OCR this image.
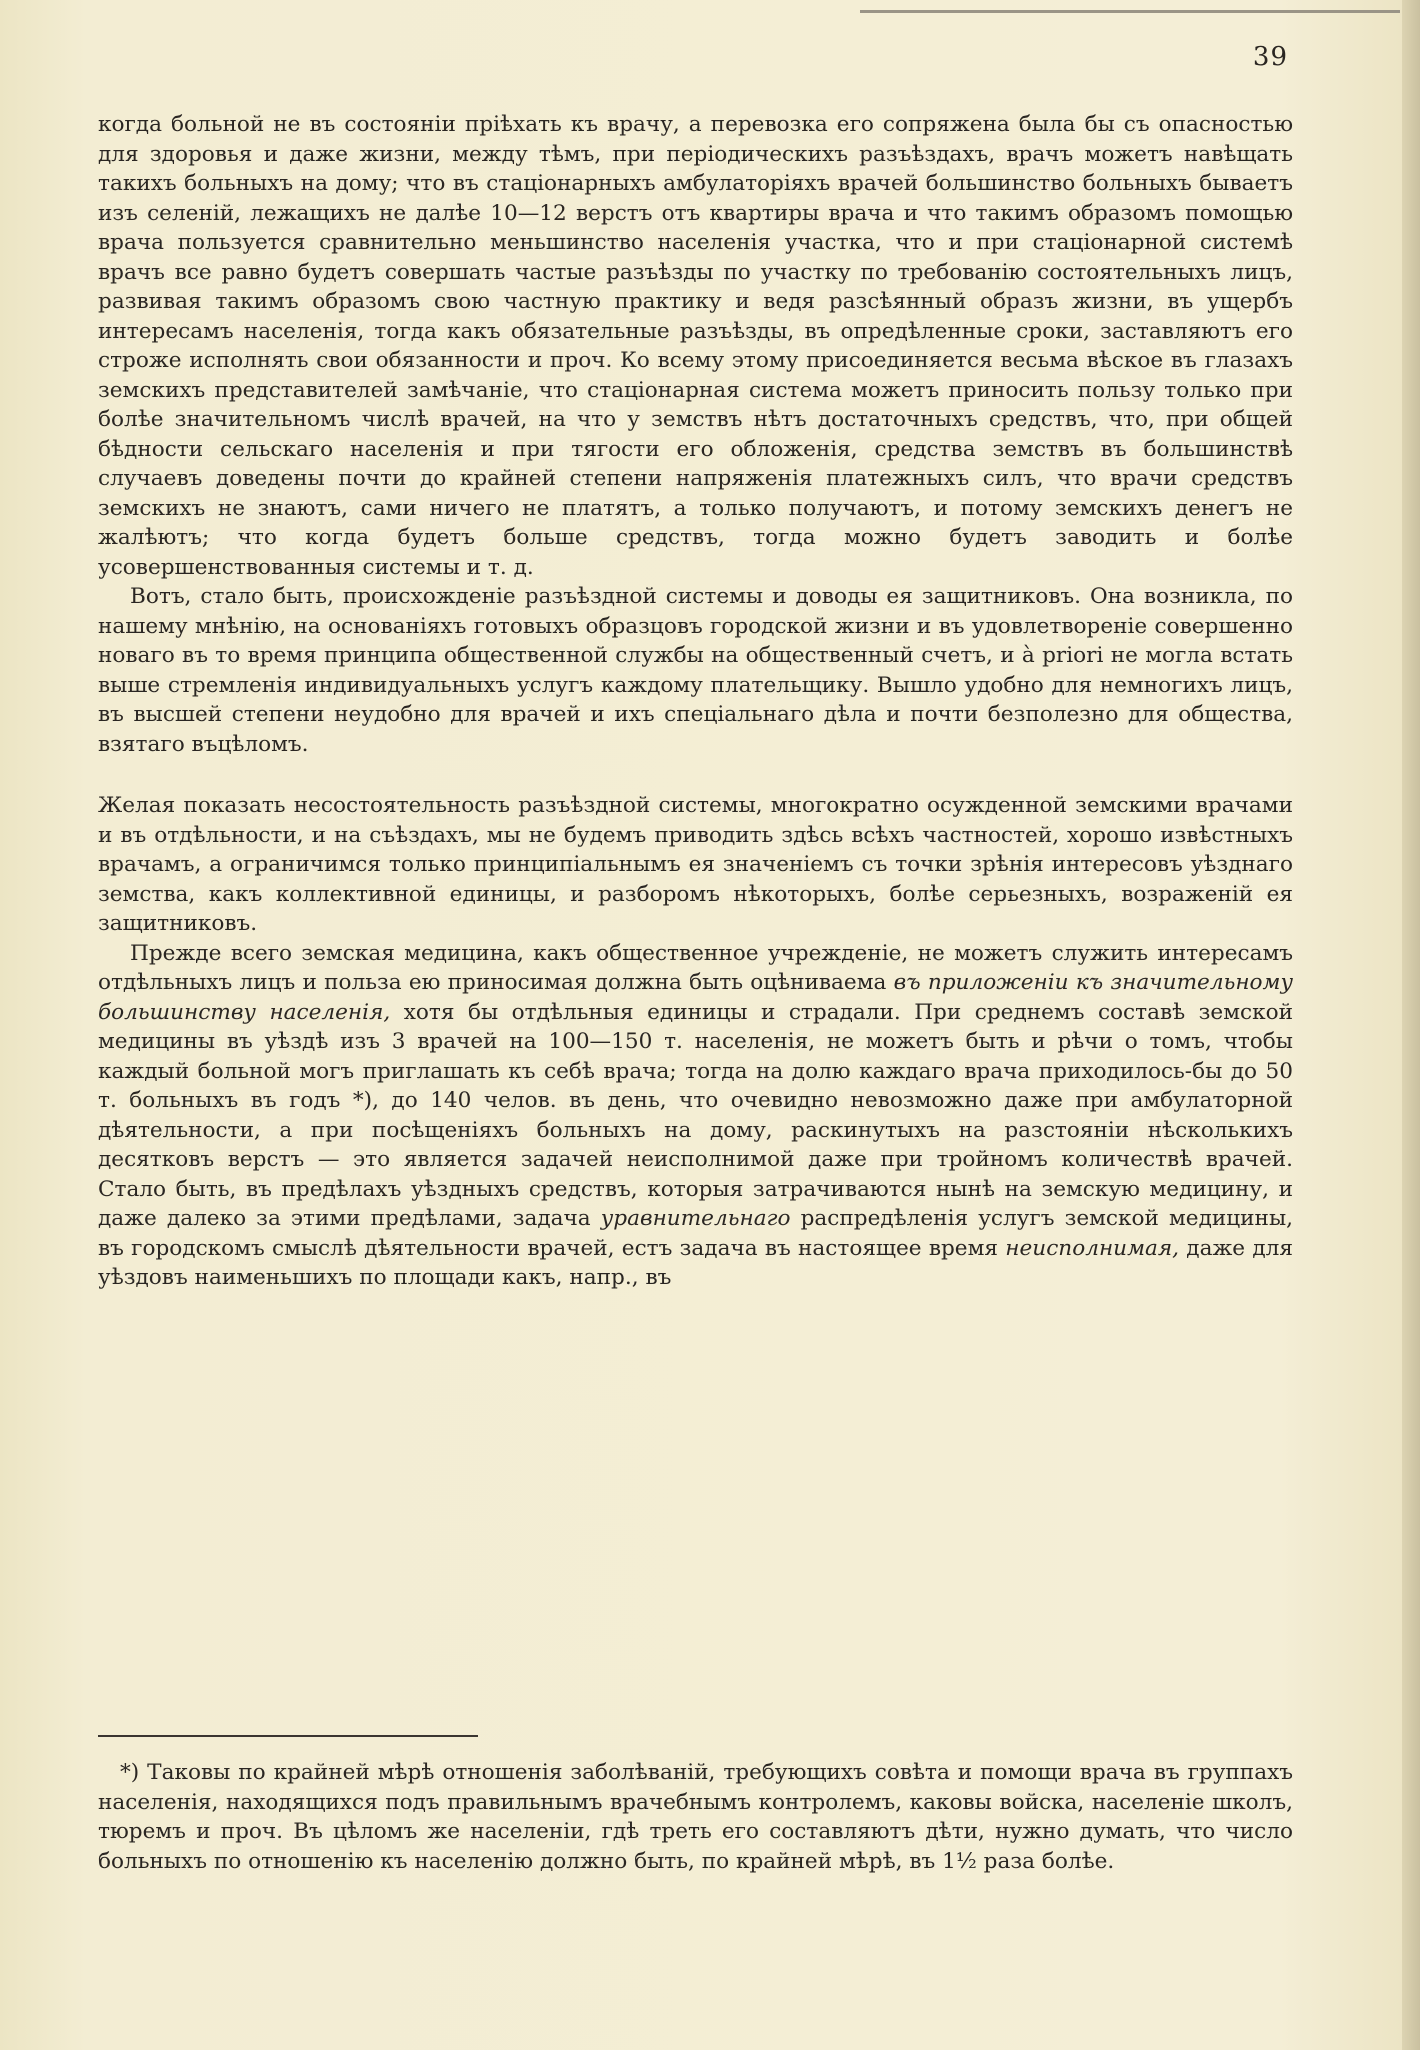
39

когда больной не въ состоянiи прiѣхать къ врачу, а перевозка его сопряжена была бы съ опасностью для здоровья и даже жизни, между тѣмъ, при перiодическихъ разъѣздахъ, врачъ можетъ навѣщать такихъ больныхъ на дому; что въ стацiонарныхъ амбулаторiяхъ врачей большинство больныхъ бываетъ изъ селенiй, лежащихъ не далѣе 10—12 верстъ отъ квартиры врача и что такимъ образомъ помощью врача пользуется сравнительно меньшинство населенiя участка, что и при стацiонарной системѣ врачъ все равно будетъ совершать частые разъѣзды по участку по требованiю состоятельныхъ лицъ, развивая такимъ образомъ свою частную практику и ведя разсѣянный образъ жизни, въ ущербъ интересамъ населенiя, тогда какъ обязательные разъѣзды, въ опредѣленные сроки, заставляютъ его строже исполнять свои обязанности и проч. Ко всему этому присоединяется весьма вѣское въ глазахъ земскихъ представителей замѣчанiе, что стацiонарная система можетъ приносить пользу только при болѣе значительномъ числѣ врачей, на что у земствъ нѣтъ достаточныхъ средствъ, что, при общей бѣдности сельскаго населенiя и при тягости его обложенiя, средства земствъ въ большинствѣ случаевъ доведены почти до крайней степени напряженiя платежныхъ силъ, что врачи средствъ земскихъ не знаютъ, сами ничего не платятъ, а только получаютъ, и потому земскихъ денегъ не жалѣютъ; что когда будетъ больше средствъ, тогда можно будетъ заводить и болѣе усовершенствованныя системы и т. д.

Вотъ, стало быть, происхожденiе разъѣздной системы и доводы ея защитниковъ. Она возникла, по нашему мнѣнiю, на основанiяхъ готовыхъ образцовъ городской жизни и въ удовлетворенiе совершенно новаго въ то время принципа общественной службы на общественный счетъ, и à priori не могла встать выше стремленiя индивидуальныхъ услугъ каждому плательщику. Вышло удобно для немногихъ лицъ, въ высшей степени неудобно для врачей и ихъ спецiальнаго дѣла и почти безполезно для общества, взятаго въцѣломъ.

Желая показать несостоятельность разъѣздной системы, многократно осужденной земскими врачами и въ отдѣльности, и на съѣздахъ, мы не будемъ приводить здѣсь всѣхъ частностей, хорошо извѣстныхъ врачамъ, а ограничимся только принципiальнымъ ея значенiемъ съ точки зрѣнiя интересовъ уѣзднаго земства, какъ коллективной единицы, и разборомъ нѣкоторыхъ, болѣе серьезныхъ, возраженiй ея защитниковъ.

Прежде всего земская медицина, какъ общественное учрежденiе, не можетъ служить интересамъ отдѣльныхъ лицъ и польза ею приносимая должна быть оцѣниваема въ приложенiи къ значительному большинству населенiя, хотя бы отдѣльныя единицы и страдали. При среднемъ составѣ земской медицины въ уѣздѣ изъ 3 врачей на 100—150 т. населенiя, не можетъ быть и рѣчи о томъ, чтобы каждый больной могъ приглашать къ себѣ врача; тогда на долю каждаго врача приходилось-бы до 50 т. больныхъ въ годъ *), до 140 челов. въ день, что очевидно невозможно даже при амбулаторной дѣятельности, а при посѣщенiяхъ больныхъ на дому, раскинутыхъ на разстоянiи нѣсколькихъ десятковъ верстъ — это является задачей неисполнимой даже при тройномъ количествѣ врачей. Стало быть, въ предѣлахъ уѣздныхъ средствъ, которыя затрачиваются нынѣ на земскую медицину, и даже далеко за этими предѣлами, задача уравнительнаго распредѣленiя услугъ земской медицины, въ городскомъ смыслѣ дѣятельности врачей, естъ задача въ настоящее время неисполнимая, даже для уѣздовъ наименьшихъ по площади какъ, напр., въ

*) Таковы по крайней мѣрѣ отношенiя заболѣванiй, требующихъ совѣта и помощи врача въ группахъ населенiя, находящихся подъ правильнымъ врачебнымъ контролемъ, каковы войска, населенiе школъ, тюремъ и проч. Въ цѣломъ же населенiи, гдѣ треть его составляютъ дѣти, нужно думать, что число больныхъ по отношенiю къ населенiю должно быть, по крайней мѣрѣ, въ 1½ раза болѣе.
